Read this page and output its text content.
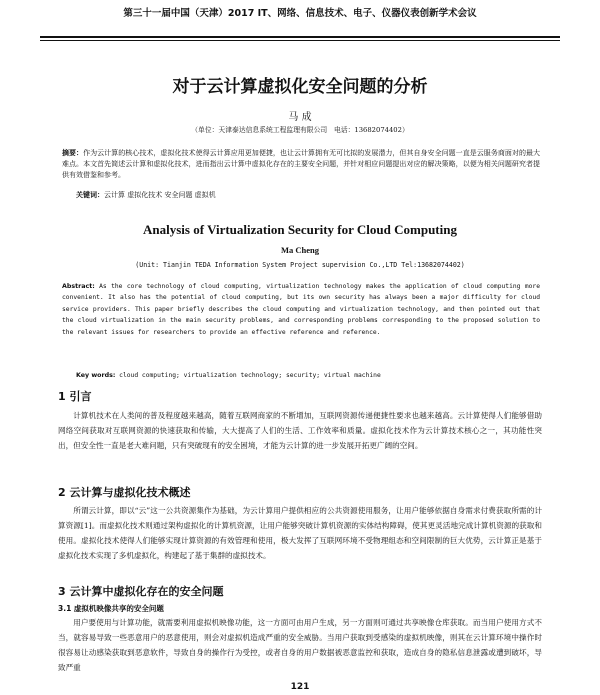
第三十一届中国（天津）2017 IT、网络、信息技术、电子、仪器仪表创新学术会议
对于云计算虚拟化安全问题的分析
马 成
（单位：天津泰达信息系统工程监理有限公司　电话：13682074402）
摘要：作为云计算的核心技术，虚拟化技术使得云计算应用更加便捷，也让云计算拥有无可比拟的发展潜力，但其自身安全问题一直是云服务商面对的最大难点。本文首先简述云计算和虚拟化技术，进而指出云计算中虚拟化存在的主要安全问题，并针对相应问题提出对应的解决策略，以便为相关问题研究者提供有效借鉴和参考。
关键词：云计算 虚拟化技术 安全问题 虚拟机
Analysis of Virtualization Security for Cloud Computing
Ma Cheng
(Unit: Tianjin TEDA Information System Project supervision Co.,LTD Tel:13682074402)
Abstract: As the core technology of cloud computing, virtualization technology makes the application of cloud computing more convenient. It also has the potential of cloud computing, but its own security has always been a major difficulty for cloud service providers. This paper briefly describes the cloud computing and virtualization technology, and then pointed out that the cloud virtualization in the main security problems, and corresponding problems corresponding to the proposed solution to the relevant issues for researchers to provide an effective reference and reference.
Key words: cloud computing; virtualization technology; security; virtual machine
1 引言

计算机技术在人类间的普及程度越来越高，随着互联网商家的不断增加，互联网资源传递便捷性要求也越来越高。云计算使得人们能够借助网络空间获取对互联网资源的快速获取和传输，大大提高了人们的生活、工作效率和质量。虚拟化技术作为云计算技术核心之一，其功能性突出，但安全性一直是老大难问题，只有突破现有的安全困境，才能为云计算的进一步发展开拓更广阔的空间。

2 云计算与虚拟化技术概述

所谓云计算，即以“云”这一公共资源集作为基础，为云计算用户提供相应的公共资源使用服务，让用户能够依据自身需求付费获取所需的计算资源[1]。而虚拟化技术则通过架构虚拟化的计算机资源，让用户能够突破计算机资源的实体结构障碍，使其更灵活地完成计算机资源的获取和使用。虚拟化技术使得人们能够实现计算资源的有效管理和使用，极大发挥了互联网环境不受物理组态和空间限制的巨大优势，云计算正是基于虚拟化技术实现了多机虚拟化，构建起了基于集群的虚拟技术。

3 云计算中虚拟化存在的安全问题
3.1 虚拟机映像共享的安全问题

用户要使用与计算功能，就需要利用虚拟机映像功能，这一方面可由用户生成，另一方面则可通过共享映像仓库获取。而当用户使用方式不当，就容易导致一些恶意用户的恶意使用，则会对虚拟机造成严重的安全威胁。当用户获取到受感染的虚拟机映像，则其在云计算环境中操作时很容易让动感染获取到恶意软件，导致自身的操作行为受控，或者自身的用户数据被恶意监控和获取，造成自身的隐私信息泄露或遭到破坏，导致严重

121
